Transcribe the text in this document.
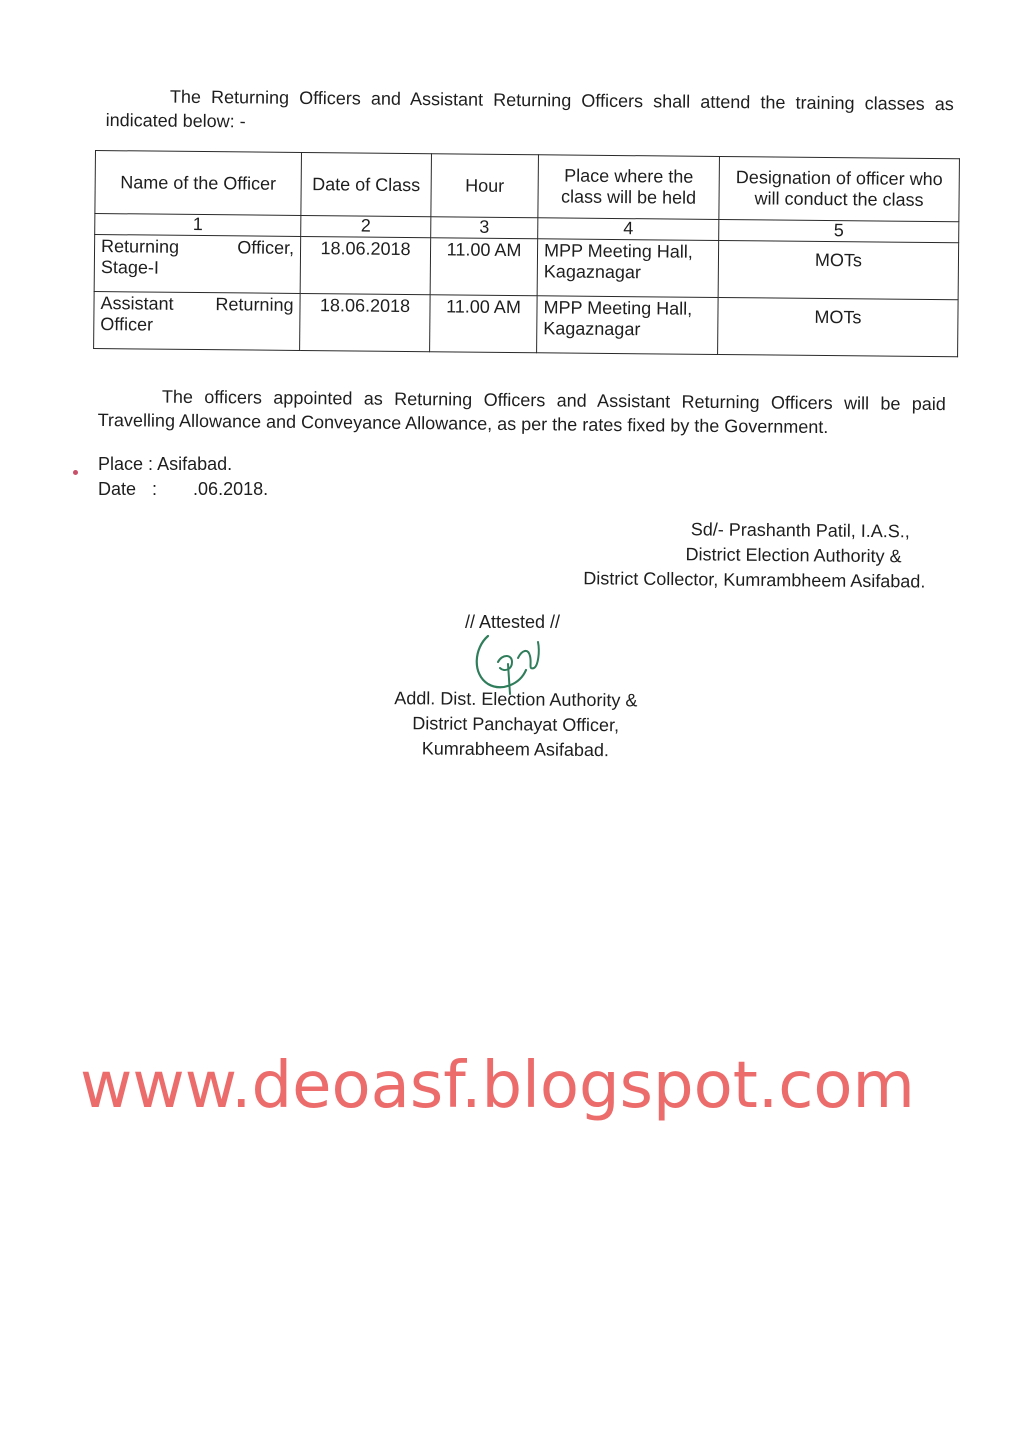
The Returning Officers and Assistant Returning Officers shall attend the training classes as indicated below: -
Name of the Officer	Date of Class	Hour	Place where the class will be held	Designation of officer who will conduct the class
1	2	3	4	5
Returning Officer, Stage-I	18.06.2018	11.00 AM	MPP Meeting Hall, Kagaznagar	MOTs
Assistant Returning Officer	18.06.2018	11.00 AM	MPP Meeting Hall, Kagaznagar	MOTs
The officers appointed as Returning Officers and Assistant Returning Officers will be paid Travelling Allowance and Conveyance Allowance, as per the rates fixed by the Government.
Place : Asifabad.
Date : .06.2018.
Sd/- Prashanth Patil, I.A.S.,
District Election Authority &
District Collector, Kumrambheem Asifabad.
// Attested //
Addl. Dist. Election Authority &
District Panchayat Officer,
Kumrabheem Asifabad.
www.deoasf.blogspot.com
